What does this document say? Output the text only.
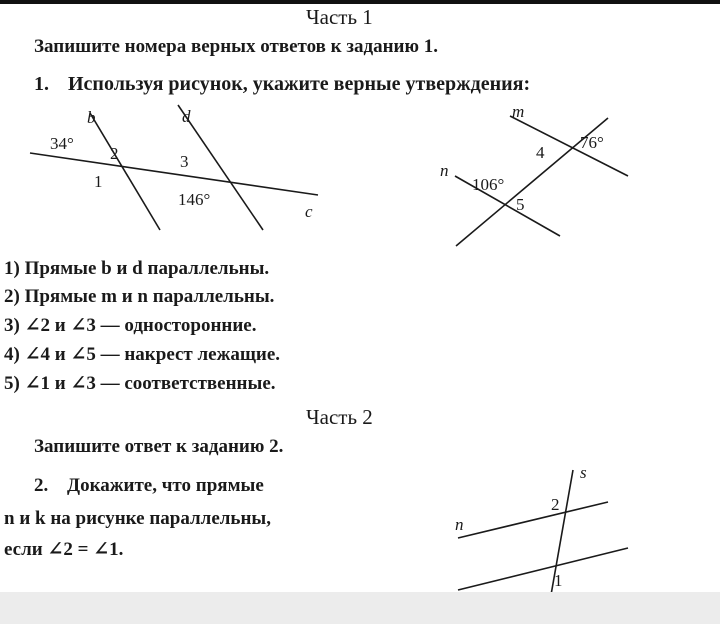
Часть 1
Запишите номера верных ответов к заданию 1.
1. Используя рисунок, укажите верные утверждения:
b	d
c
34°
2
1
3
146°
m
n
76°
4
106°
5
1) Прямые b и d параллельны.
2) Прямые m и n параллельны.
3) ∠2 и ∠3 — односторонние.
4) ∠4 и ∠5 — накрест лежащие.
5) ∠1 и ∠3 — соответственные.
Часть 2
Запишите ответ к заданию 2.
2. Докажите, что прямые
n и k на рисунке параллельны,
если ∠2 = ∠1.
s
n
2
1
